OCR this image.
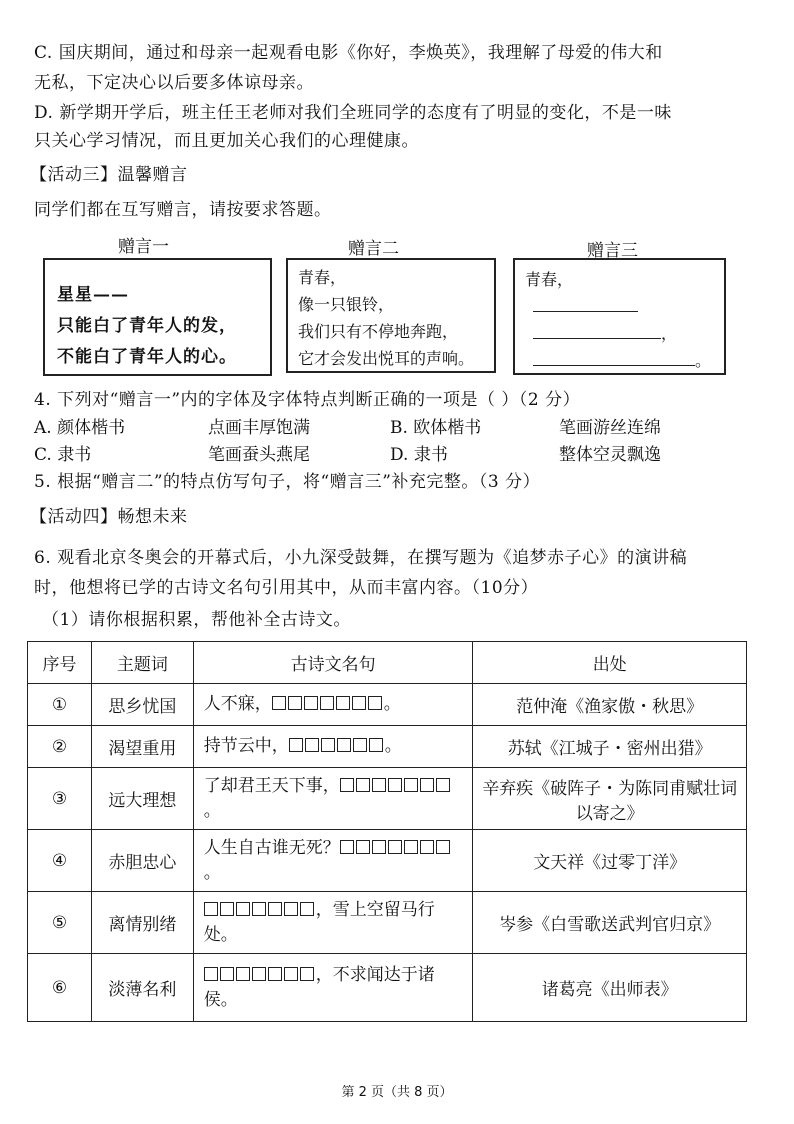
C. 国庆期间，通过和母亲一起观看电影《你好，李焕英》，我理解了母爱的伟大和
无私，下定决心以后要多体谅母亲。
D. 新学期开学后，班主任王老师对我们全班同学的态度有了明显的变化，不是一味
只关心学习情况，而且更加关心我们的心理健康。
【活动三】温馨赠言
同学们都在互写赠言，请按要求答题。
赠言一	赠言二	赠言三
星星——
只能白了青年人的发，
不能白了青年人的心。
青春，
像一只银铃，
我们只有不停地奔跑，
它才会发出悦耳的声响。
青春，
，
。
4. 下列对“赠言一”内的字体及字体特点判断正确的一项是（ ）（2 分）
A. 颜体楷书	点画丰厚饱满	B. 欧体楷书	笔画游丝连绵
C. 隶书	笔画蚕头燕尾	D. 隶书	整体空灵飘逸
5. 根据“赠言二”的特点仿写句子，将“赠言三”补充完整。（3 分）
【活动四】畅想未来
6. 观看北京冬奥会的开幕式后，小九深受鼓舞，在撰写题为《追梦赤子心》的演讲稿
时，他想将已学的古诗文名句引用其中，从而丰富内容。（10分）
（1）请你根据积累，帮他补全古诗文。
序号	主题词	古诗文名句	出处
①	思乡忧国	人不寐， 。	范仲淹《渔家傲・秋思》
②	渴望重用	持节云中， 。	苏轼《江城子・密州出猎》
③	远大理想	了却君王天下事，。	辛弃疾《破阵子・为陈同甫赋壮词以寄之》
④	赤胆忠心	人生自古谁无死？。	文天祥《过零丁洋》
⑤	离情别绪	，雪上空留马行处。	岑参《白雪歌送武判官归京》
⑥	淡薄名利	，不求闻达于诸侯。	诸葛亮《出师表》
第 2 页（共 8 页）
